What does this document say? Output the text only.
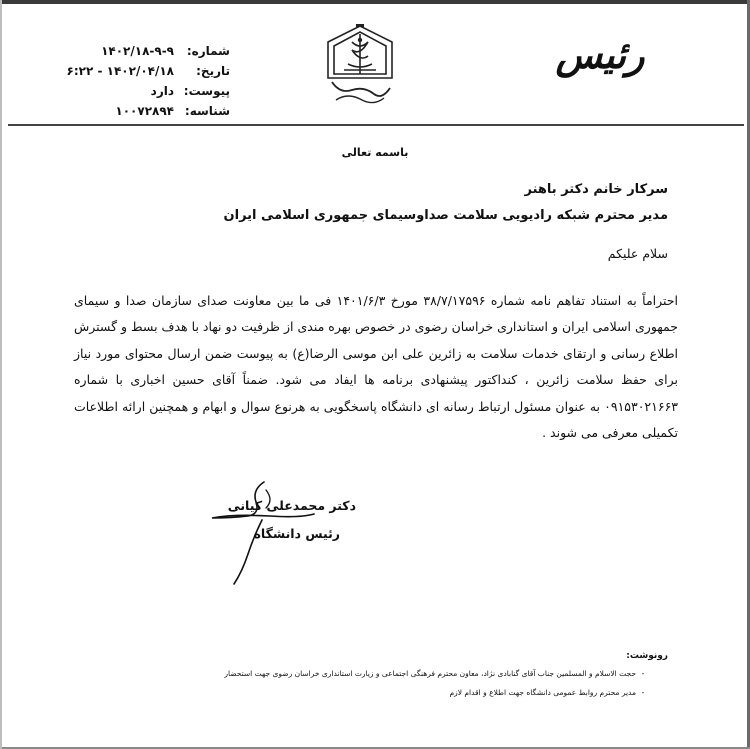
شماره:
۱۴۰۲/۱۸-۹-۹
تاریخ:
۱۴۰۲/۰۴/۱۸ - ۶:۲۲
پیوست:
دارد
شناسه:
۱۰۰۷۲۸۹۴
رئیس
باسمه تعالی
سرکار خانم دکتر باهنر
مدیر محترم شبکه رادیویی سلامت صداوسیمای جمهوری اسلامی ایران
سلام علیکم
احتراماً به استناد تفاهم نامه شماره ۳۸/۷/۱۷۵۹۶ مورخ ۱۴۰۱/۶/۳ فی ما بین معاونت صدای سازمان صدا و سیمای جمهوری اسلامی ایران و استانداری خراسان رضوی در خصوص بهره مندی از ظرفیت دو نهاد با هدف بسط و گسترش اطلاع رسانی و ارتقای خدمات سلامت به زائرین علی ابن موسی الرضا(ع) به پیوست ضمن ارسال محتوای مورد نیاز برای حفظ سلامت زائرین ، کنداکتور پیشنهادی برنامه ها ایفاد می شود. ضمناً آقای حسین اخباری با شماره ۰۹۱۵۳۰۲۱۶۶۳ به عنوان مسئول ارتباط رسانه ای دانشگاه پاسخگویی به هرنوع سوال و ابهام و همچنین ارائه اطلاعات تکمیلی معرفی می شوند .
دکتر محمدعلی کیانی
رئیس دانشگاه
رونوشت:
-
حجت الاسلام و المسلمین جناب آقای گنابادی نژاد، معاون محترم فرهنگی اجتماعی و زیارت استانداری خراسان رضوی جهت استحضار
-
مدیر محترم روابط عمومی دانشگاه جهت اطلاع و اقدام لازم
